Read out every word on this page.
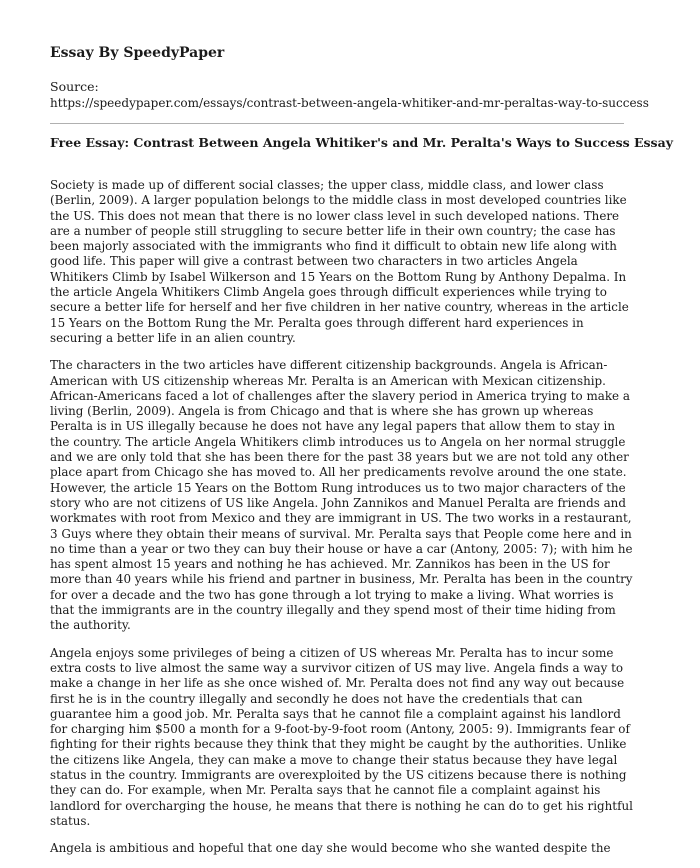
Essay By SpeedyPaper
Source:
https://speedypaper.com/essays/contrast-between-angela-whitiker-and-mr-peraltas-way-to-success
Free Essay: Contrast Between Angela Whitiker's and Mr. Peralta's Ways to Success Essay

Society is made up of different social classes; the upper class, middle class, and lower class (Berlin, 2009). A larger population belongs to the middle class in most developed countries like the US. This does not mean that there is no lower class level in such developed nations. There are a number of people still struggling to secure better life in their own country; the case has been majorly associated with the immigrants who find it difficult to obtain new life along with good life. This paper will give a contrast between two characters in two articles Angela Whitikers Climb by Isabel Wilkerson and 15 Years on the Bottom Rung by Anthony Depalma. In the article Angela Whitikers Climb Angela goes through difficult experiences while trying to secure a better life for herself and her five children in her native country, whereas in the article 15 Years on the Bottom Rung the Mr. Peralta goes through different hard experiences in securing a better life in an alien country.

The characters in the two articles have different citizenship backgrounds. Angela is African-American with US citizenship whereas Mr. Peralta is an American with Mexican citizenship. African-Americans faced a lot of challenges after the slavery period in America trying to make a living (Berlin, 2009). Angela is from Chicago and that is where she has grown up whereas Peralta is in US illegally because he does not have any legal papers that allow them to stay in the country. The article Angela Whitikers climb introduces us to Angela on her normal struggle and we are only told that she has been there for the past 38 years but we are not told any other place apart from Chicago she has moved to. All her predicaments revolve around the one state. However, the article 15 Years on the Bottom Rung introduces us to two major characters of the story who are not citizens of US like Angela. John Zannikos and Manuel Peralta are friends and workmates with root from Mexico and they are immigrant in US. The two works in a restaurant, 3 Guys where they obtain their means of survival. Mr. Peralta says that People come here and in no time than a year or two they can buy their house or have a car (Antony, 2005: 7); with him he has spent almost 15 years and nothing he has achieved. Mr. Zannikos has been in the US for more than 40 years while his friend and partner in business, Mr. Peralta has been in the country for over a decade and the two has gone through a lot trying to make a living. What worries is that the immigrants are in the country illegally and they spend most of their time hiding from the authority.

Angela enjoys some privileges of being a citizen of US whereas Mr. Peralta has to incur some extra costs to live almost the same way a survivor citizen of US may live. Angela finds a way to make a change in her life as she once wished of. Mr. Peralta does not find any way out because first he is in the country illegally and secondly he does not have the credentials that can guarantee him a good job. Mr. Peralta says that he cannot file a complaint against his landlord for charging him $500 a month for a 9-foot-by-9-foot room (Antony, 2005: 9). Immigrants fear of fighting for their rights because they think that they might be caught by the authorities. Unlike the citizens like Angela, they can make a move to change their status because they have legal status in the country. Immigrants are overexploited by the US citizens because there is nothing they can do. For example, when Mr. Peralta says that he cannot file a complaint against his landlord for overcharging the house, he means that there is nothing he can do to get his rightful status.

Angela is ambitious and hopeful that one day she would become who she wanted despite the
